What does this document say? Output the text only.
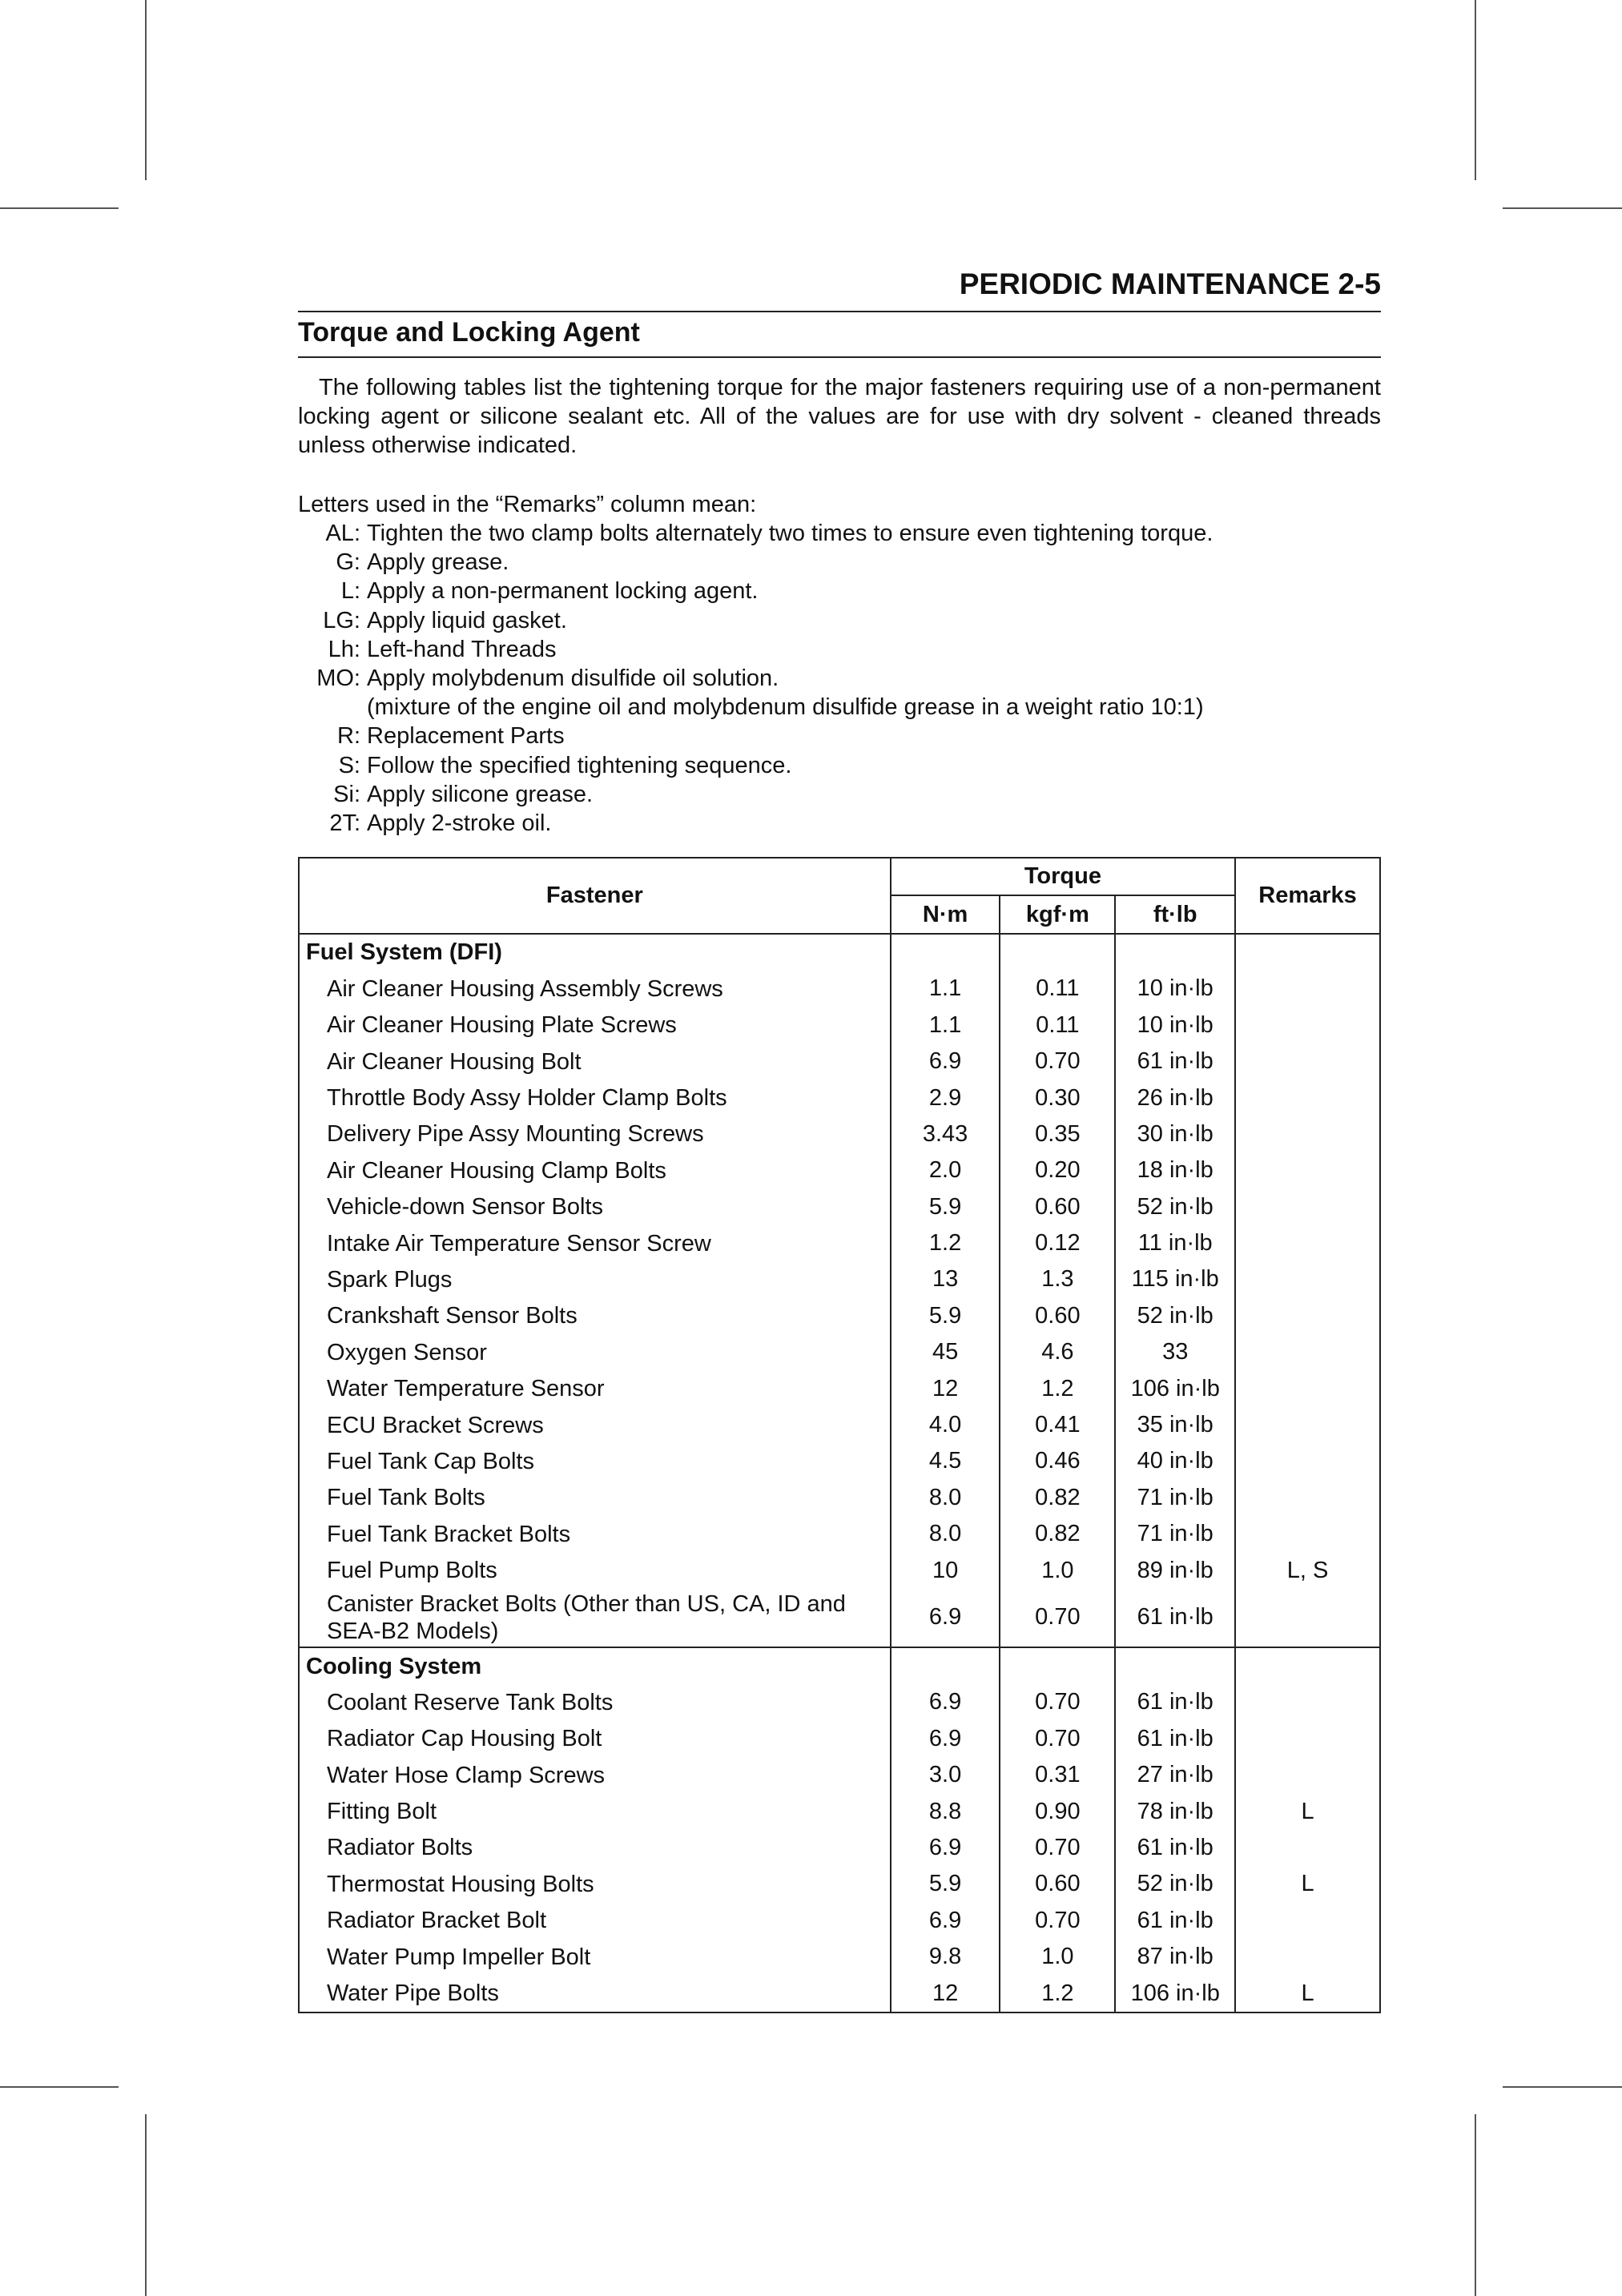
PERIODIC MAINTENANCE 2-5
Torque and Locking Agent

The following tables list the tightening torque for the major fasteners requiring use of a non-permanent locking agent or silicone sealant etc. All of the values are for use with dry solvent - cleaned threads unless otherwise indicated.

Letters used in the “Remarks” column mean:
AL: Tighten the two clamp bolts alternately two times to ensure even tightening torque.
G: Apply grease.
L: Apply a non-permanent locking agent.
LG: Apply liquid gasket.
Lh: Left-hand Threads
MO: Apply molybdenum disulfide oil solution.
(mixture of the engine oil and molybdenum disulfide grease in a weight ratio 10:1)
R: Replacement Parts
S: Follow the specified tightening sequence.
Si: Apply silicone grease.
2T: Apply 2-stroke oil.
Fastener	Torque			Remarks
	N·m	kgf·m	ft·lb	
Fuel System (DFI)				
Air Cleaner Housing Assembly Screws	1.1	0.11	10 in·lb	
Air Cleaner Housing Plate Screws	1.1	0.11	10 in·lb	
Air Cleaner Housing Bolt	6.9	0.70	61 in·lb	
Throttle Body Assy Holder Clamp Bolts	2.9	0.30	26 in·lb	
Delivery Pipe Assy Mounting Screws	3.43	0.35	30 in·lb	
Air Cleaner Housing Clamp Bolts	2.0	0.20	18 in·lb	
Vehicle-down Sensor Bolts	5.9	0.60	52 in·lb	
Intake Air Temperature Sensor Screw	1.2	0.12	11 in·lb	
Spark Plugs	13	1.3	115 in·lb	
Crankshaft Sensor Bolts	5.9	0.60	52 in·lb	
Oxygen Sensor	45	4.6	33	
Water Temperature Sensor	12	1.2	106 in·lb	
ECU Bracket Screws	4.0	0.41	35 in·lb	
Fuel Tank Cap Bolts	4.5	0.46	40 in·lb	
Fuel Tank Bolts	8.0	0.82	71 in·lb	
Fuel Tank Bracket Bolts	8.0	0.82	71 in·lb	
Fuel Pump Bolts	10	1.0	89 in·lb	L, S
Canister Bracket Bolts (Other than US, CA, ID and SEA-B2 Models)	6.9	0.70	61 in·lb	
Cooling System				
Coolant Reserve Tank Bolts	6.9	0.70	61 in·lb	
Radiator Cap Housing Bolt	6.9	0.70	61 in·lb	
Water Hose Clamp Screws	3.0	0.31	27 in·lb	
Fitting Bolt	8.8	0.90	78 in·lb	L
Radiator Bolts	6.9	0.70	61 in·lb	
Thermostat Housing Bolts	5.9	0.60	52 in·lb	L
Radiator Bracket Bolt	6.9	0.70	61 in·lb	
Water Pump Impeller Bolt	9.8	1.0	87 in·lb	
Water Pipe Bolts	12	1.2	106 in·lb	L
